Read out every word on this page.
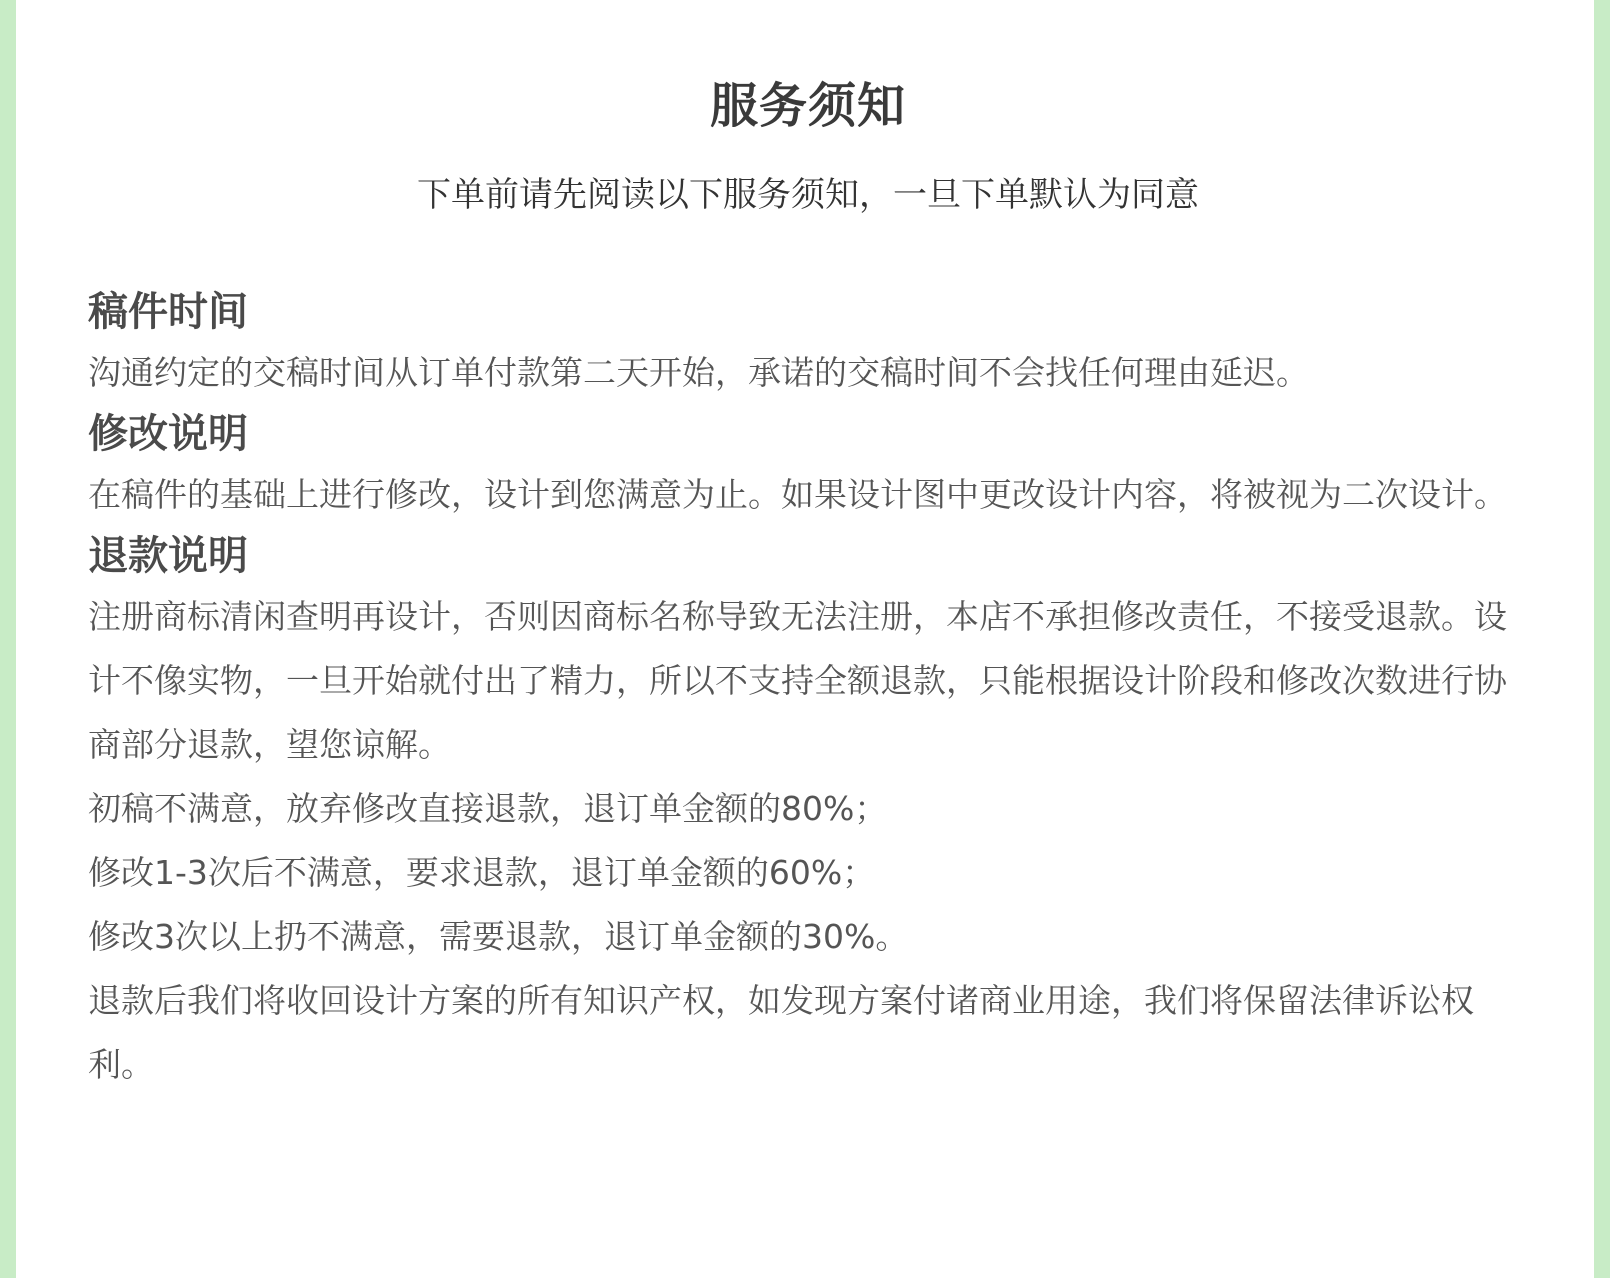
服务须知

下单前请先阅读以下服务须知，一旦下单默认为同意

稿件时间

沟通约定的交稿时间从订单付款第二天开始，承诺的交稿时间不会找任何理由延迟。

修改说明

在稿件的基础上进行修改，设计到您满意为止。如果设计图中更改设计内容，将被视为二次设计。

退款说明

注册商标清闲查明再设计，否则因商标名称导致无法注册，本店不承担修改责任，不接受退款。设计不像实物，一旦开始就付出了精力，所以不支持全额退款，只能根据设计阶段和修改次数进行协商部分退款，望您谅解。

初稿不满意，放弃修改直接退款，退订单金额的80%；

修改1-3次后不满意，要求退款，退订单金额的60%；

修改3次以上扔不满意，需要退款，退订单金额的30%。

退款后我们将收回设计方案的所有知识产权，如发现方案付诸商业用途，我们将保留法律诉讼权利。
